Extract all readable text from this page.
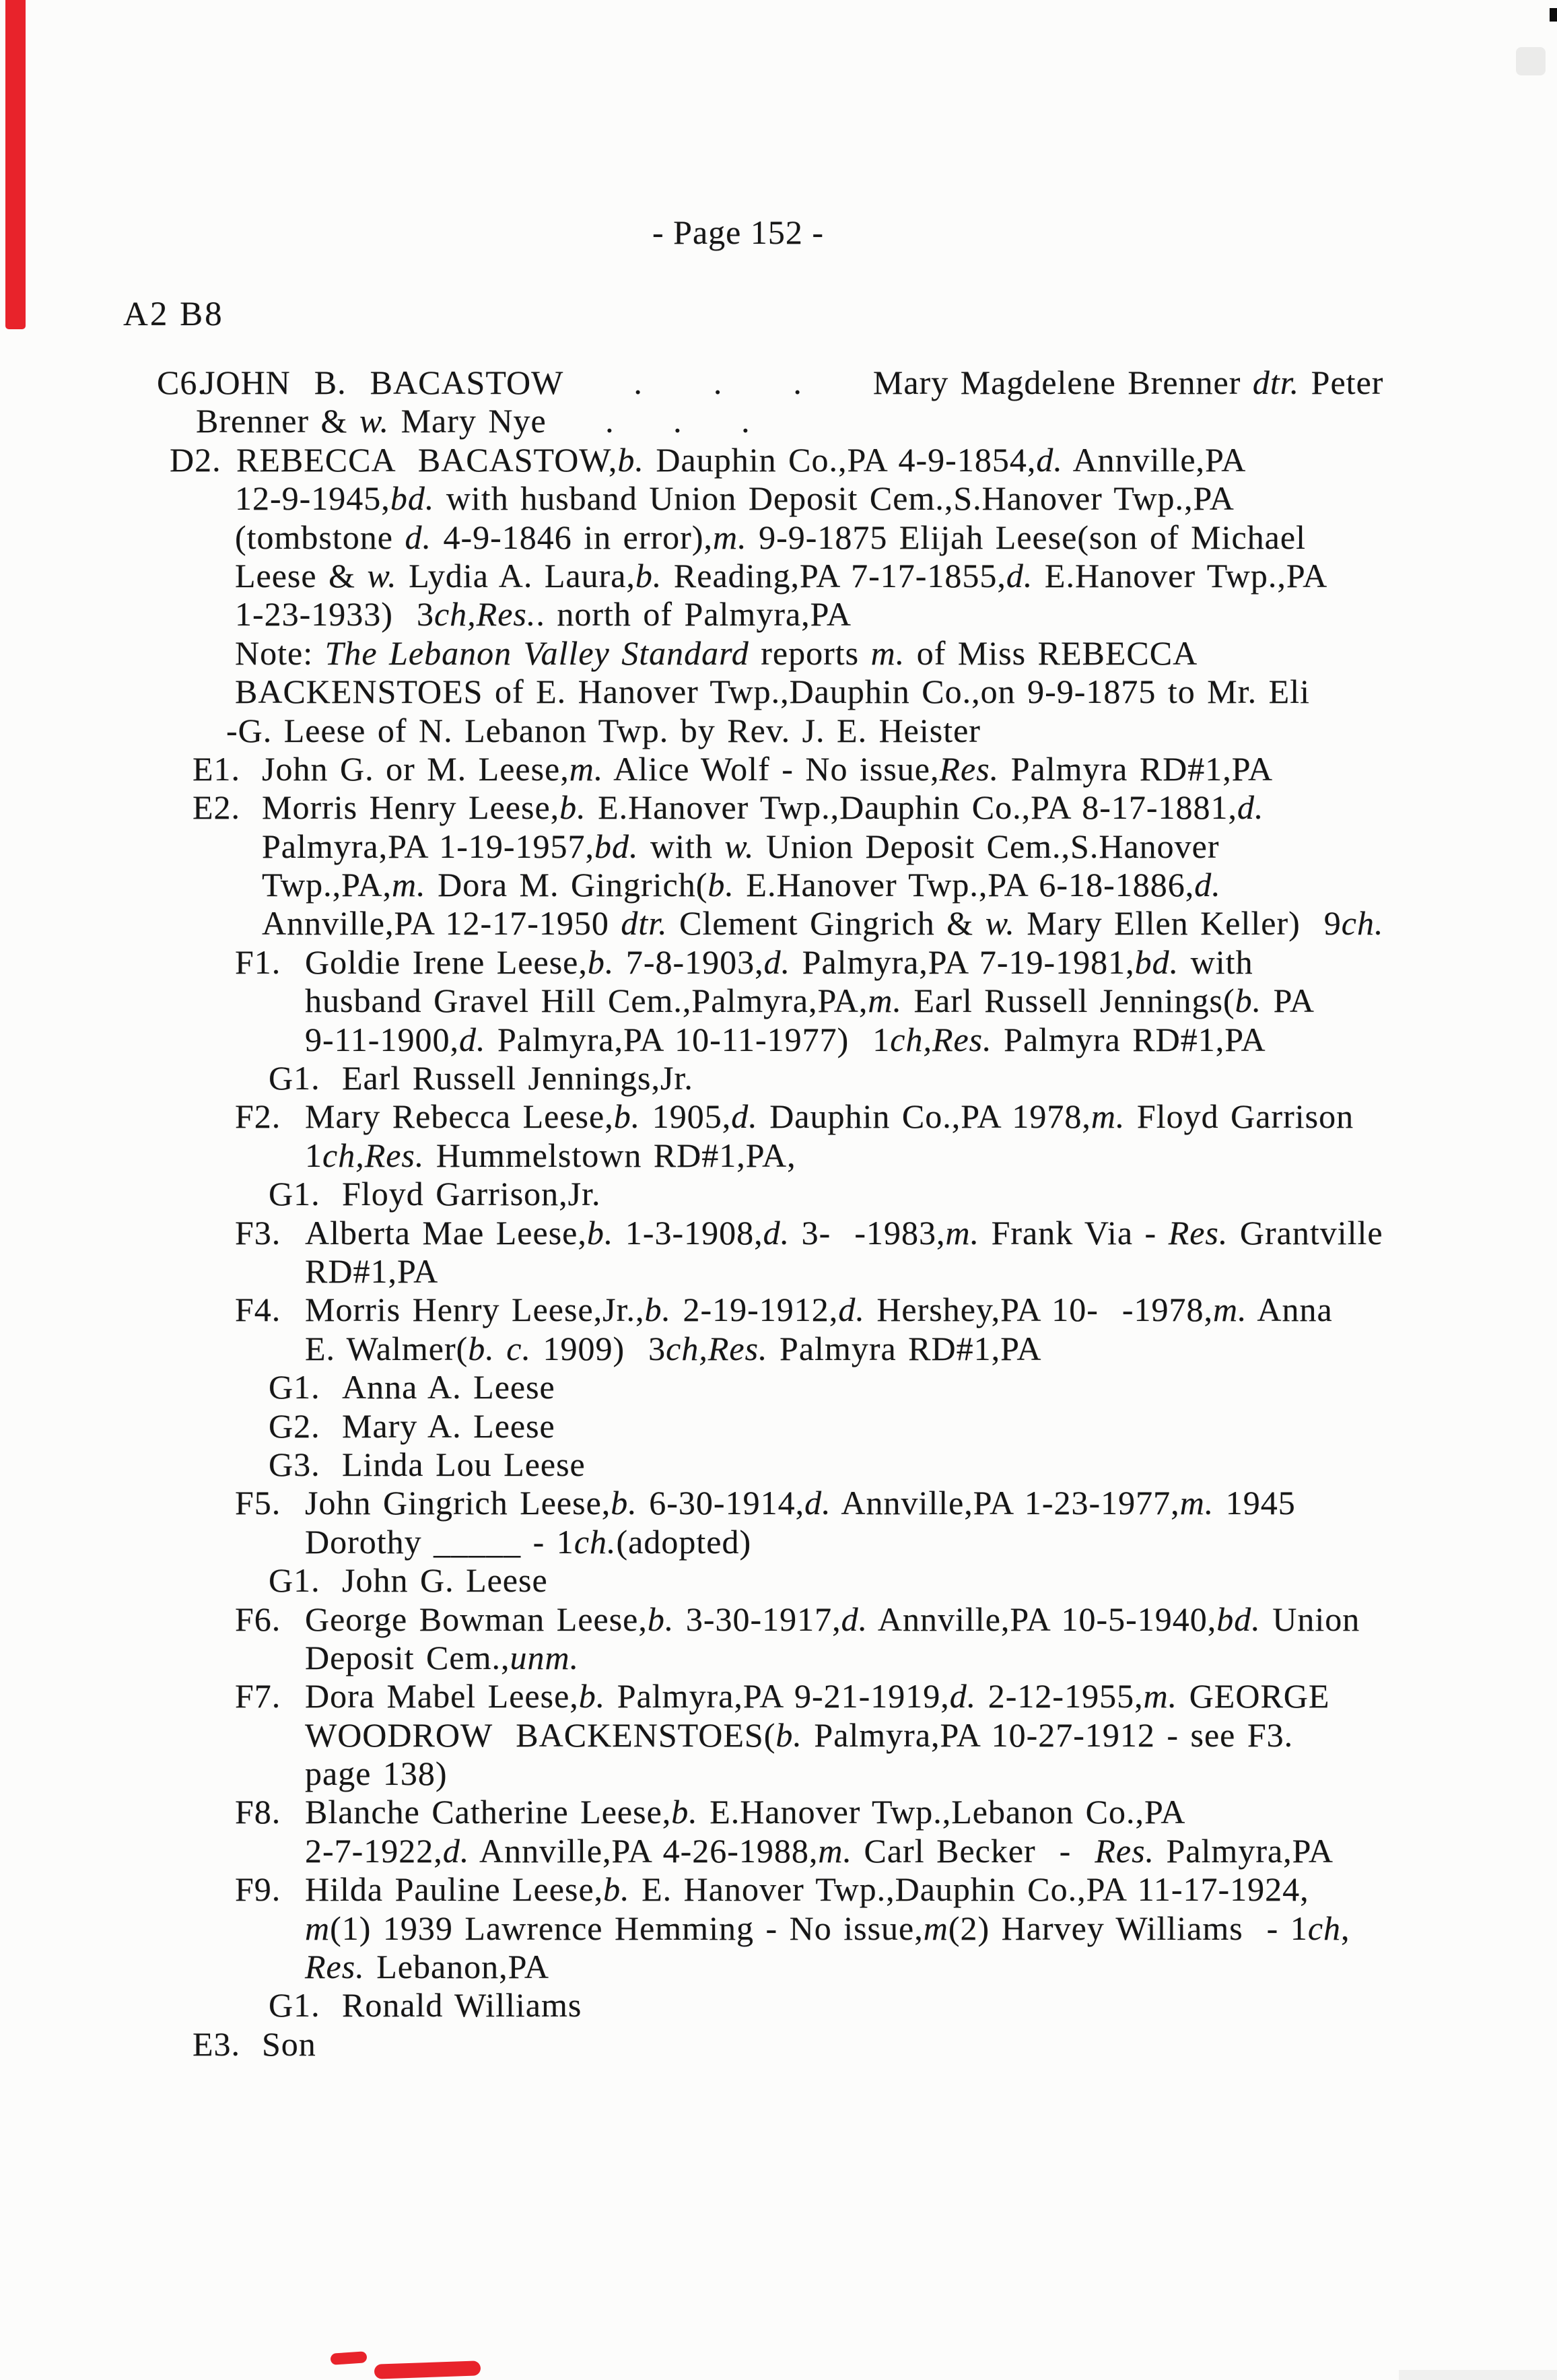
- Page 152 -
A2 B8
C6.JOHN  B.  BACASTOW      .      .      .      Mary Magdelene Brenner dtr. Peter
Brenner & w. Mary Nye     .     .     .
D2. REBECCA  BACASTOW,b. Dauphin Co.,PA 4-9-1854,d. Annville,PA
12-9-1945,bd. with husband Union Deposit Cem.,S.Hanover Twp.,PA
(tombstone d. 4-9-1846 in error),m. 9-9-1875 Elijah Leese(son of Michael
Leese & w. Lydia A. Laura,b. Reading,PA 7-17-1855,d. E.Hanover Twp.,PA
1-23-1933)  3ch,Res.. north of Palmyra,PA
Note: The Lebanon Valley Standard reports m. of Miss REBECCA
BACKENSTOES of E. Hanover Twp.,Dauphin Co.,on 9-9-1875 to Mr. Eli
-G. Leese of N. Lebanon Twp. by Rev. J. E. Heister
E1. John G. or M. Leese,m. Alice Wolf - No issue,Res. Palmyra RD#1,PA
E2. Morris Henry Leese,b. E.Hanover Twp.,Dauphin Co.,PA 8-17-1881,d.
Palmyra,PA 1-19-1957,bd. with w. Union Deposit Cem.,S.Hanover
Twp.,PA,m. Dora M. Gingrich(b. E.Hanover Twp.,PA 6-18-1886,d.
Annville,PA 12-17-1950 dtr. Clement Gingrich & w. Mary Ellen Keller)  9ch.
F1. Goldie Irene Leese,b. 7-8-1903,d. Palmyra,PA 7-19-1981,bd. with
husband Gravel Hill Cem.,Palmyra,PA,m. Earl Russell Jennings(b. PA
9-11-1900,d. Palmyra,PA 10-11-1977)  1ch,Res. Palmyra RD#1,PA
G1. Earl Russell Jennings,Jr.
F2. Mary Rebecca Leese,b. 1905,d. Dauphin Co.,PA 1978,m. Floyd Garrison
1ch,Res. Hummelstown RD#1,PA,
G1. Floyd Garrison,Jr.
F3. Alberta Mae Leese,b. 1-3-1908,d. 3-  -1983,m. Frank Via - Res. Grantville
RD#1,PA
F4. Morris Henry Leese,Jr.,b. 2-19-1912,d. Hershey,PA 10-  -1978,m. Anna
E. Walmer(b. c. 1909)  3ch,Res. Palmyra RD#1,PA
G1. Anna A. Leese
G2. Mary A. Leese
G3. Linda Lou Leese
F5. John Gingrich Leese,b. 6-30-1914,d. Annville,PA 1-23-1977,m. 1945
Dorothy _____ - 1ch.(adopted)
G1. John G. Leese
F6. George Bowman Leese,b. 3-30-1917,d. Annville,PA 10-5-1940,bd. Union
Deposit Cem.,unm.
F7. Dora Mabel Leese,b. Palmyra,PA 9-21-1919,d. 2-12-1955,m. GEORGE
WOODROW  BACKENSTOES(b. Palmyra,PA 10-27-1912 - see F3.
page 138)
F8. Blanche Catherine Leese,b. E.Hanover Twp.,Lebanon Co.,PA
2-7-1922,d. Annville,PA 4-26-1988,m. Carl Becker  -  Res. Palmyra,PA
F9. Hilda Pauline Leese,b. E. Hanover Twp.,Dauphin Co.,PA 11-17-1924,
m(1) 1939 Lawrence Hemming - No issue,m(2) Harvey Williams  - 1ch,
Res. Lebanon,PA
G1. Ronald Williams
E3. Son
